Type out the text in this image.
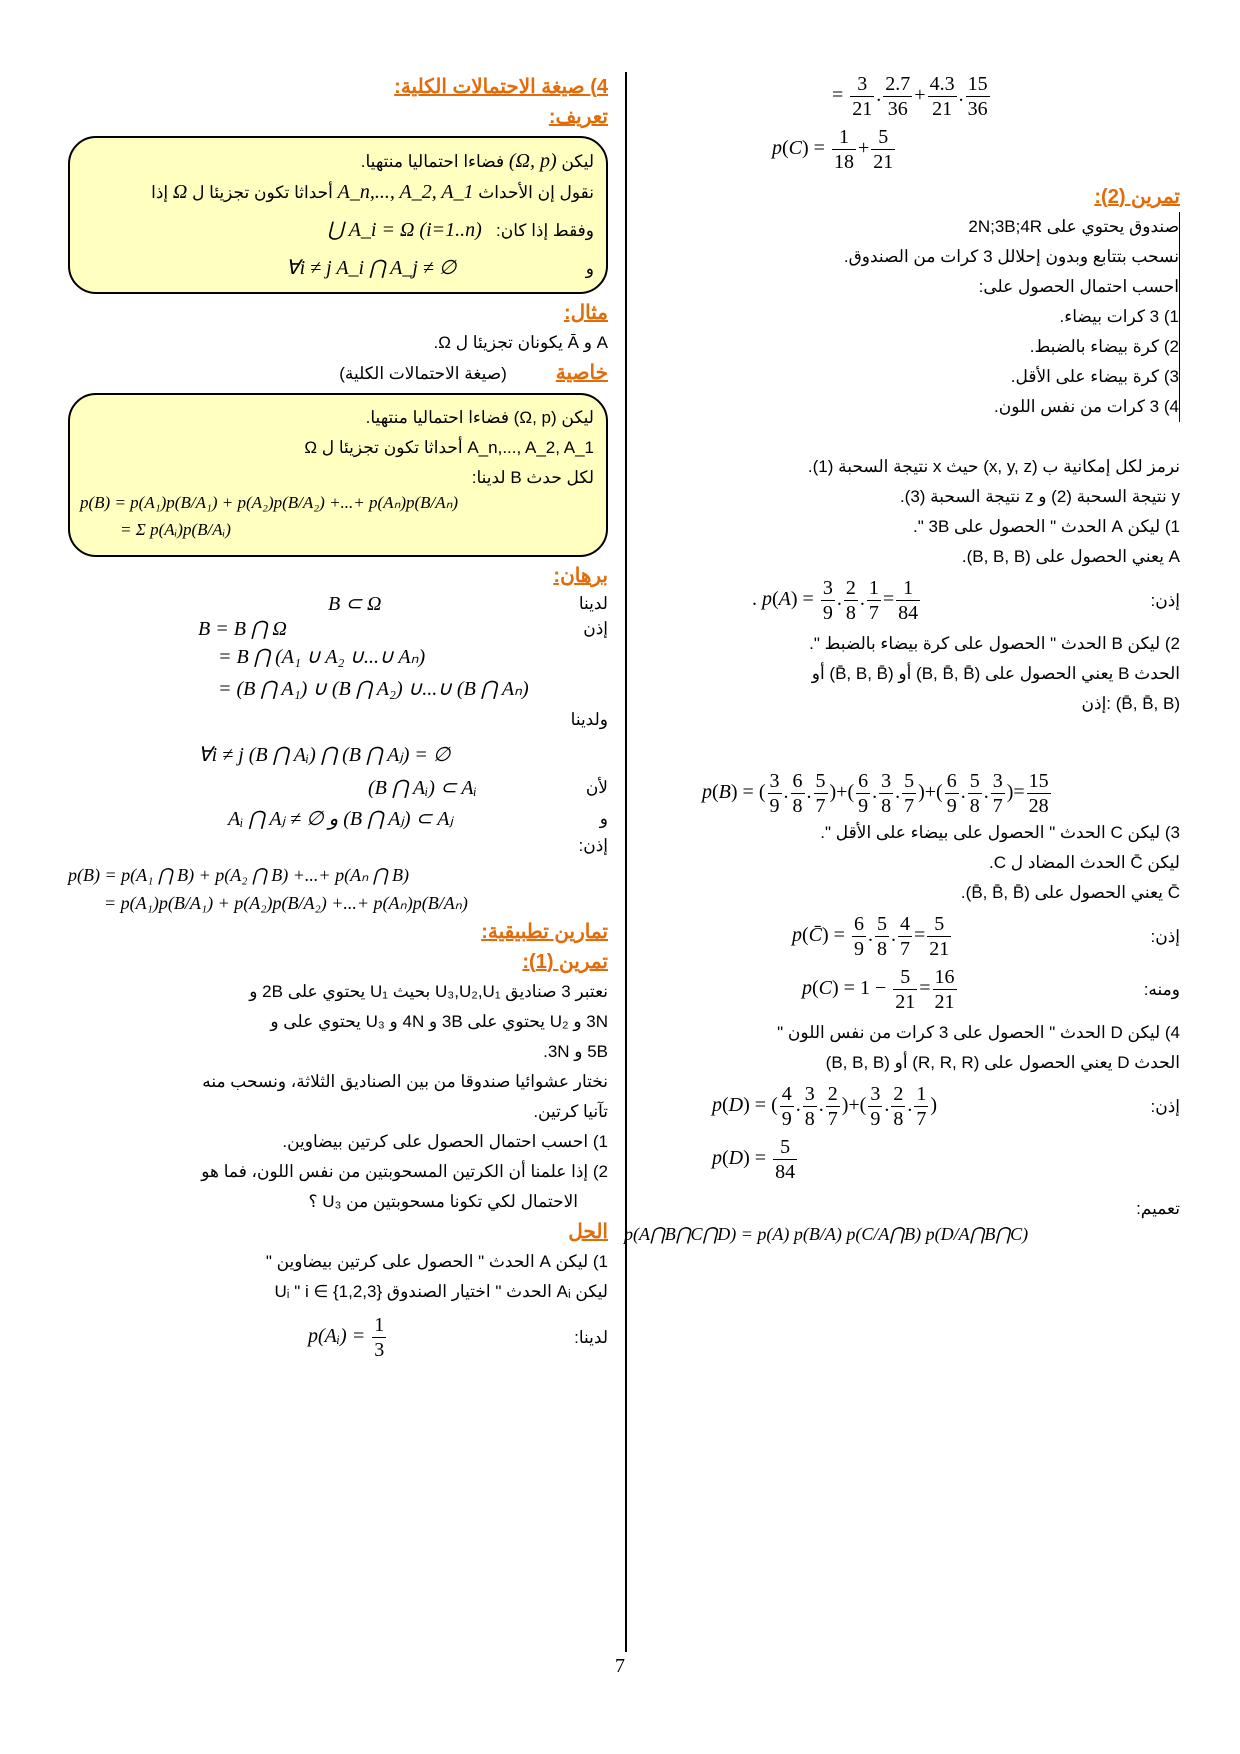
= $\frac{3}{21}$ . $\frac{2.7}{36} + \frac{4.3}{21}$ . $\frac{15}{36}$
$p(C) = \frac{1}{18} + \frac{5}{21}$
تمرين (2):
صندوق يحتوي على 2N;3B;4R
نسحب بتتابع وبدون إحلالل 3 كرات من الصندوق.
احسب احتمال الحصول على:
1) 3 كرات بيضاء.
2) كرة بيضاء بالضبط.
3) كرة بيضاء على الأقل.
4) 3 كرات من نفس اللون.
نرمز لكل إمكانية ب (x, y, z) حيث x نتيجة السحبة (1).
y نتيجة السحبة (2) و z نتيجة السحبة (3).
1) ليكن A الحدث " الحصول على 3B ".
A يعني الحصول على (B, B, B).
إذن:
. $p(A) = \frac{3}{9}$ . $\frac{2}{8}$ . $\frac{1}{7} = \frac{1}{84}$
2) ليكن B الحدث " الحصول على كرة بيضاء بالضبط ".
الحدث B يعني الحصول على (B, B̄, B̄) أو (B̄, B, B̄) أو
(B̄, B̄, B) :إذن
p(B) = ( $\frac{3}{9}$ . $\frac{6}{8}$ . $\frac{5}{7}$ )+( $\frac{6}{9}$ . $\frac{3}{8}$ . $\frac{5}{7}$ )+( $\frac{6}{9}$ . $\frac{5}{8}$ . $\frac{3}{7}$ )= $\frac{15}{28}$
3) ليكن C الحدث " الحصول على بيضاء على الأقل ".
ليكن C̄ الحدث المضاد ل C.
C̄ يعني الحصول على (B̄, B̄, B̄).
إذن:
p(C̄) = $\frac{6}{9}$ . $\frac{5}{8}$ . $\frac{4}{7} = \frac{5}{21}$
ومنه:
$p(C) = 1 - \frac{5}{21} = \frac{16}{21}$
4) ليكن D الحدث " الحصول على 3 كرات من نفس اللون "
الحدث D يعني الحصول على (R, R, R) أو (B, B, B)
إذن:
p(D) = ( $\frac{4}{9}$ . $\frac{3}{8}$ . $\frac{2}{7}$ )+( $\frac{3}{9}$ . $\frac{2}{8}$ . $\frac{1}{7}$ )
$p(D) = \frac{5}{84}$
تعميم:
p(A⋂B⋂C⋂D) = p(A) p(B/A) p(C/A⋂B) p(D/A⋂B⋂C)
4) صيغة الاحتمالات الكلية:
تعريف:
ليكن (Ω, p) فضاءا احتماليا منتهيا.
نقول إن الأحداث A_n,..., A_2, A_1 أحداثا تكون تجزيئا ل Ω إذا
وفقط إذا كان:   ⋃ A_i = Ω (i=1..n)
و  ∀i ≠ j A_i ⋂ A_j ≠ ∅
مثال:
A و Ā يكونان تجزيئا ل Ω.
خاصية  (صيغة الاحتمالات الكلية)
ليكن (Ω, p) فضاءا احتماليا منتهيا.
A_n,..., A_2, A_1 أحداثا تكون تجزيئا ل Ω
لكل حدث B لدينا:
p(B) = p(A₁)p(B/A₁) + p(A₂)p(B/A₂) +...+ p(Aₙ)p(B/Aₙ)
= Σ p(Aᵢ)p(B/Aᵢ)
برهان:
لدينا
B ⊂ Ω
إذن
B = B ⋂ Ω
= B ⋂ (A₁ ∪ A₂ ∪...∪ Aₙ)
= (B ⋂ A₁) ∪ (B ⋂ A₂) ∪...∪ (B ⋂ Aₙ)
ولدينا
∀i ≠ j (B ⋂ Aᵢ) ⋂ (B ⋂ Aⱼ) = ∅
لأن
(B ⋂ Aᵢ) ⊂ Aᵢ
و
Aᵢ ⋂ Aⱼ ≠ ∅ و (B ⋂ Aⱼ) ⊂ Aⱼ
إذن:
p(B) = p(A₁ ⋂ B) + p(A₂ ⋂ B) +...+ p(Aₙ ⋂ B)
= p(A₁)p(B/A₁) + p(A₂)p(B/A₂) +...+ p(Aₙ)p(B/Aₙ)
تمارين تطبيقية:
تمرين (1):
نعتبر 3 صناديق U₃,U₂,U₁ بحيث U₁ يحتوي على 2B و
3N و U₂ يحتوي على 3B و 4N و U₃ يحتوي على و
5B و 3N.
نختار عشوائيا صندوقا من بين الصناديق الثلاثة، ونسحب منه
تآنيا كرتين.
1) احسب احتمال الحصول على كرتين بيضاوين.
2) إذا علمنا أن الكرتين المسحوبتين من نفس اللون، فما هو
الاحتمال لكي تكونا مسحوبتين من U₃ ؟
الحل
1) ليكن A الحدث " الحصول على كرتين بيضاوين "
ليكن Aᵢ الحدث " اختيار الصندوق Uᵢ " i ∈ {1,2,3}
لدينا:
p(Aᵢ) = $\frac{1}{3}$
7
